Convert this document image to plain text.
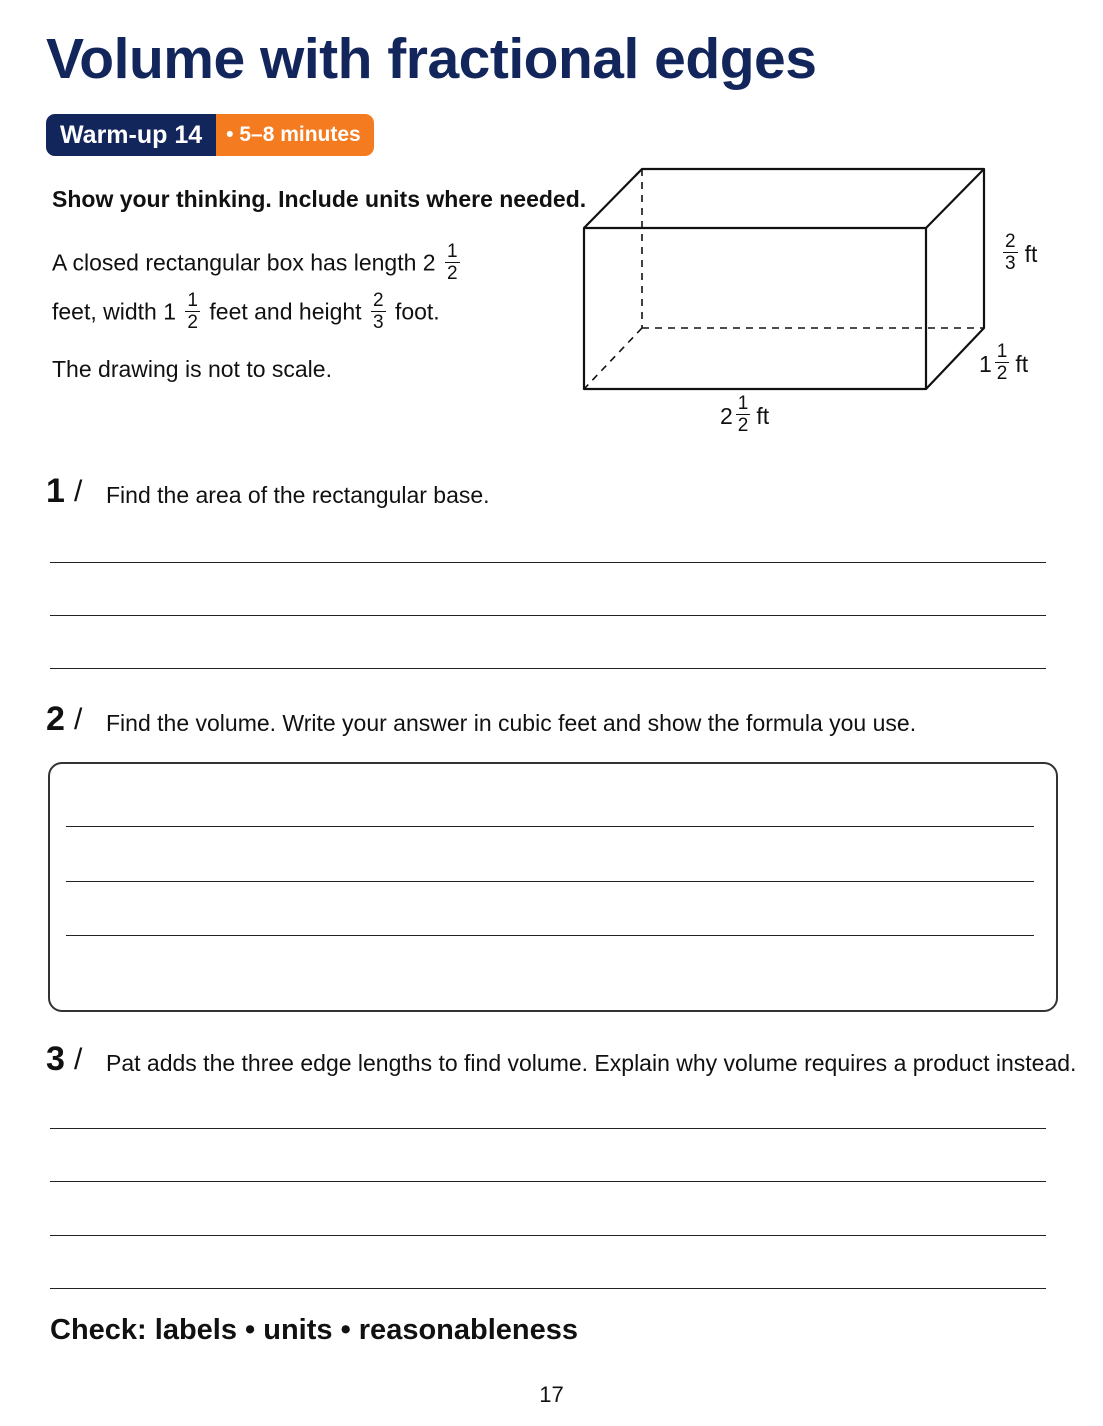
Volume with fractional edges
Warm-up 14	• 5–8 minutes
Show your thinking. Include units where needed.
A closed rectangular box has length $2 \frac{1}{2}$
feet, width $1 \frac{1}{2}$ feet and height $\frac{2}{3}$ foot.
The drawing is not to scale.
$\frac{2}{3}$ ft
$1 \frac{1}{2}$ ft
$2 \frac{1}{2}$ ft
1 / Find the area of the rectangular base.
2 / Find the volume. Write your answer in cubic feet and show the formula you use.
3 / Pat adds the three edge lengths to find volume. Explain why volume requires a product instead.
Check: labels • units • reasonableness
17
